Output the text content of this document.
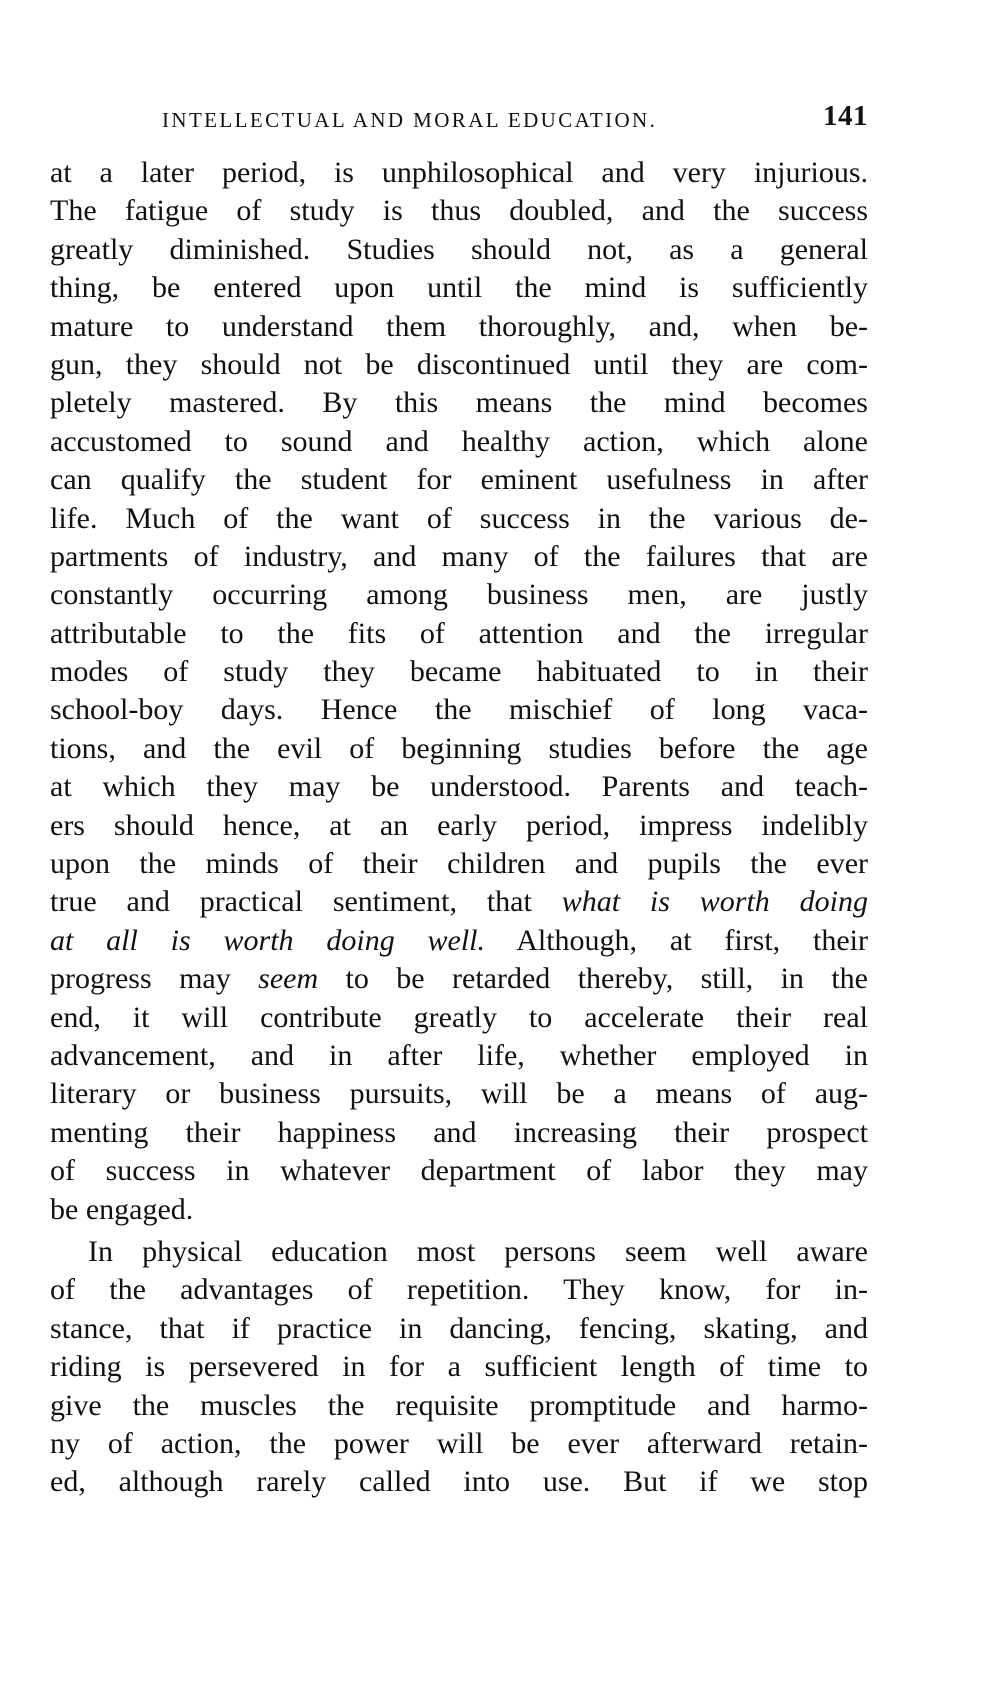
INTELLECTUAL AND MORAL EDUCATION.	141
at a later period, is unphilosophical and very injurious.
The fatigue of study is thus doubled, and the success
greatly diminished. Studies should not, as a general
thing, be entered upon until the mind is sufficiently
mature to understand them thoroughly, and, when be-
gun, they should not be discontinued until they are com-
pletely mastered. By this means the mind becomes
accustomed to sound and healthy action, which alone
can qualify the student for eminent usefulness in after
life. Much of the want of success in the various de-
partments of industry, and many of the failures that are
constantly occurring among business men, are justly
attributable to the fits of attention and the irregular
modes of study they became habituated to in their
school-boy days. Hence the mischief of long vaca-
tions, and the evil of beginning studies before the age
at which they may be understood. Parents and teach-
ers should hence, at an early period, impress indelibly
upon the minds of their children and pupils the ever
true and practical sentiment, that what is worth doing
at all is worth doing well. Although, at first, their
progress may seem to be retarded thereby, still, in the
end, it will contribute greatly to accelerate their real
advancement, and in after life, whether employed in
literary or business pursuits, will be a means of aug-
menting their happiness and increasing their prospect
of success in whatever department of labor they may
be engaged.
In physical education most persons seem well aware
of the advantages of repetition. They know, for in-
stance, that if practice in dancing, fencing, skating, and
riding is persevered in for a sufficient length of time to
give the muscles the requisite promptitude and harmo-
ny of action, the power will be ever afterward retain-
ed, although rarely called into use. But if we stop
